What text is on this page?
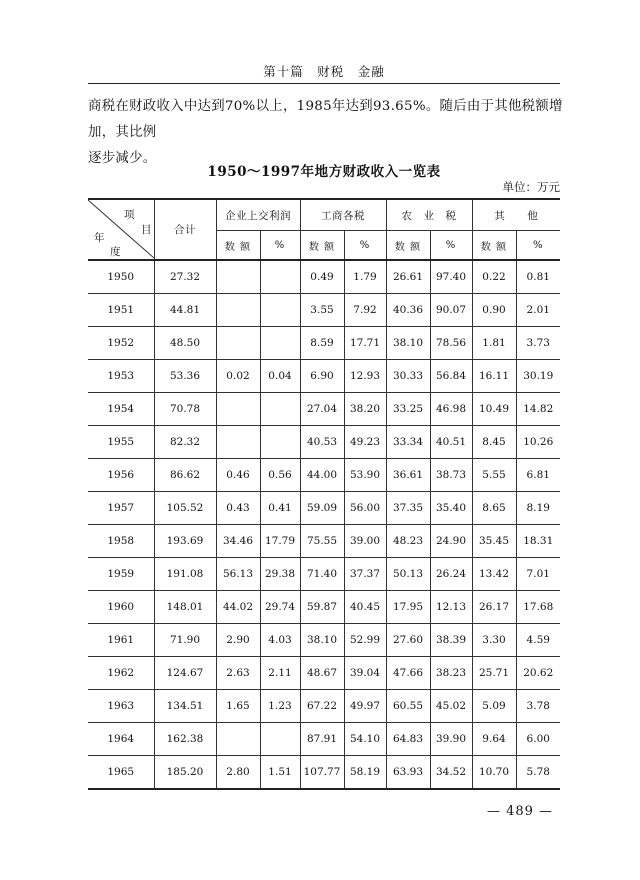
第十篇　财税　金融
商税在财政收入中达到70%以上，1985年达到93.65%。随后由于其他税额增加，其比例
逐步减少。
1950～1997年地方财政收入一览表
单位：万元
项
目
年
度	合计	企业上交利润		工商各税		农　业　税		其　　他	
		数 额	%	数 额	%	数 额	%	数 额	%
1950	27.32			0.49	1.79	26.61	97.40	0.22	0.81
1951	44.81			3.55	7.92	40.36	90.07	0.90	2.01
1952	48.50			8.59	17.71	38.10	78.56	1.81	3.73
1953	53.36	0.02	0.04	6.90	12.93	30.33	56.84	16.11	30.19
1954	70.78			27.04	38.20	33.25	46.98	10.49	14.82
1955	82.32			40.53	49.23	33.34	40.51	8.45	10.26
1956	86.62	0.46	0.56	44.00	53.90	36.61	38.73	5.55	6.81
1957	105.52	0.43	0.41	59.09	56.00	37.35	35.40	8.65	8.19
1958	193.69	34.46	17.79	75.55	39.00	48.23	24.90	35.45	18.31
1959	191.08	56.13	29.38	71.40	37.37	50.13	26.24	13.42	7.01
1960	148.01	44.02	29.74	59.87	40.45	17.95	12.13	26.17	17.68
1961	71.90	2.90	4.03	38.10	52.99	27.60	38.39	3.30	4.59
1962	124.67	2.63	2.11	48.67	39.04	47.66	38.23	25.71	20.62
1963	134.51	1.65	1.23	67.22	49.97	60.55	45.02	5.09	3.78
1964	162.38			87.91	54.10	64.83	39.90	9.64	6.00
1965	185.20	2.80	1.51	107.77	58.19	63.93	34.52	10.70	5.78
— 489 —
